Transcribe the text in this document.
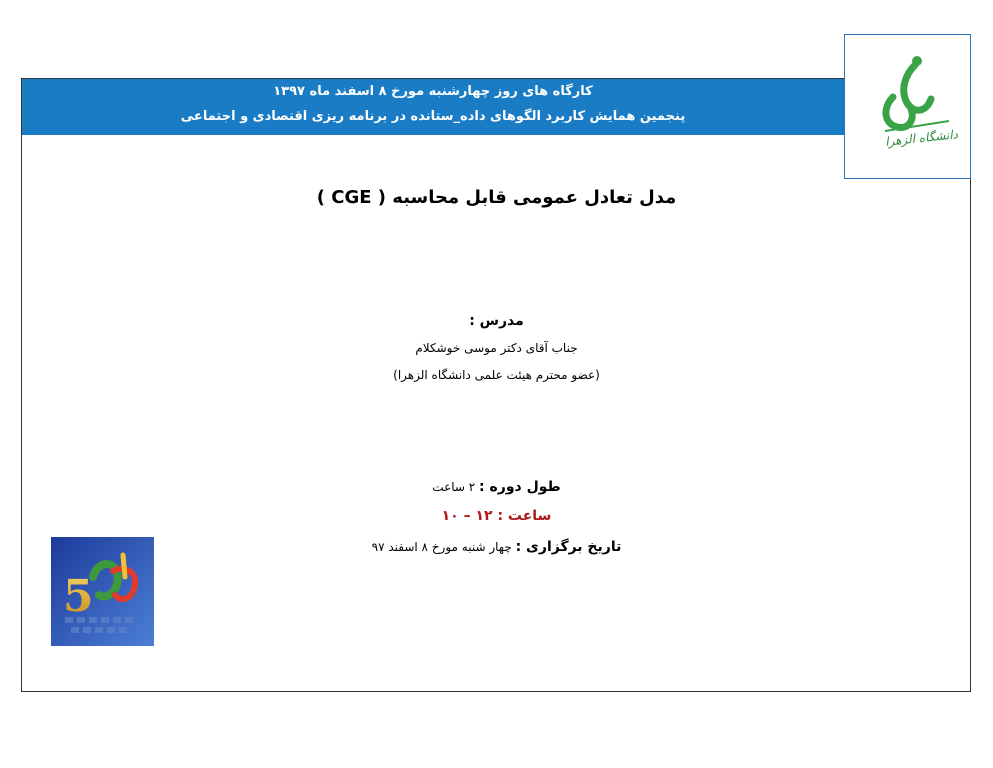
کارگاه های روز چهارشنبه مورخ ۸ اسفند ماه ۱۳۹۷
پنجمین همایش کاربرد الگوهای داده_ستانده در برنامه ریزی اقتصادی و اجتماعی
دانشگاه الزهرا
مدل تعادل عمومی قابل محاسبه ( CGE )
مدرس :
جناب آقای دکتر موسی خوشکلام
(عضو محترم هیئت علمی دانشگاه الزهرا)
طول دوره : ۲ ساعت
ساعت : ۱۲ – ۱۰
تاریخ برگزاری : چهار شنبه مورخ ۸ اسفند ۹۷
5
